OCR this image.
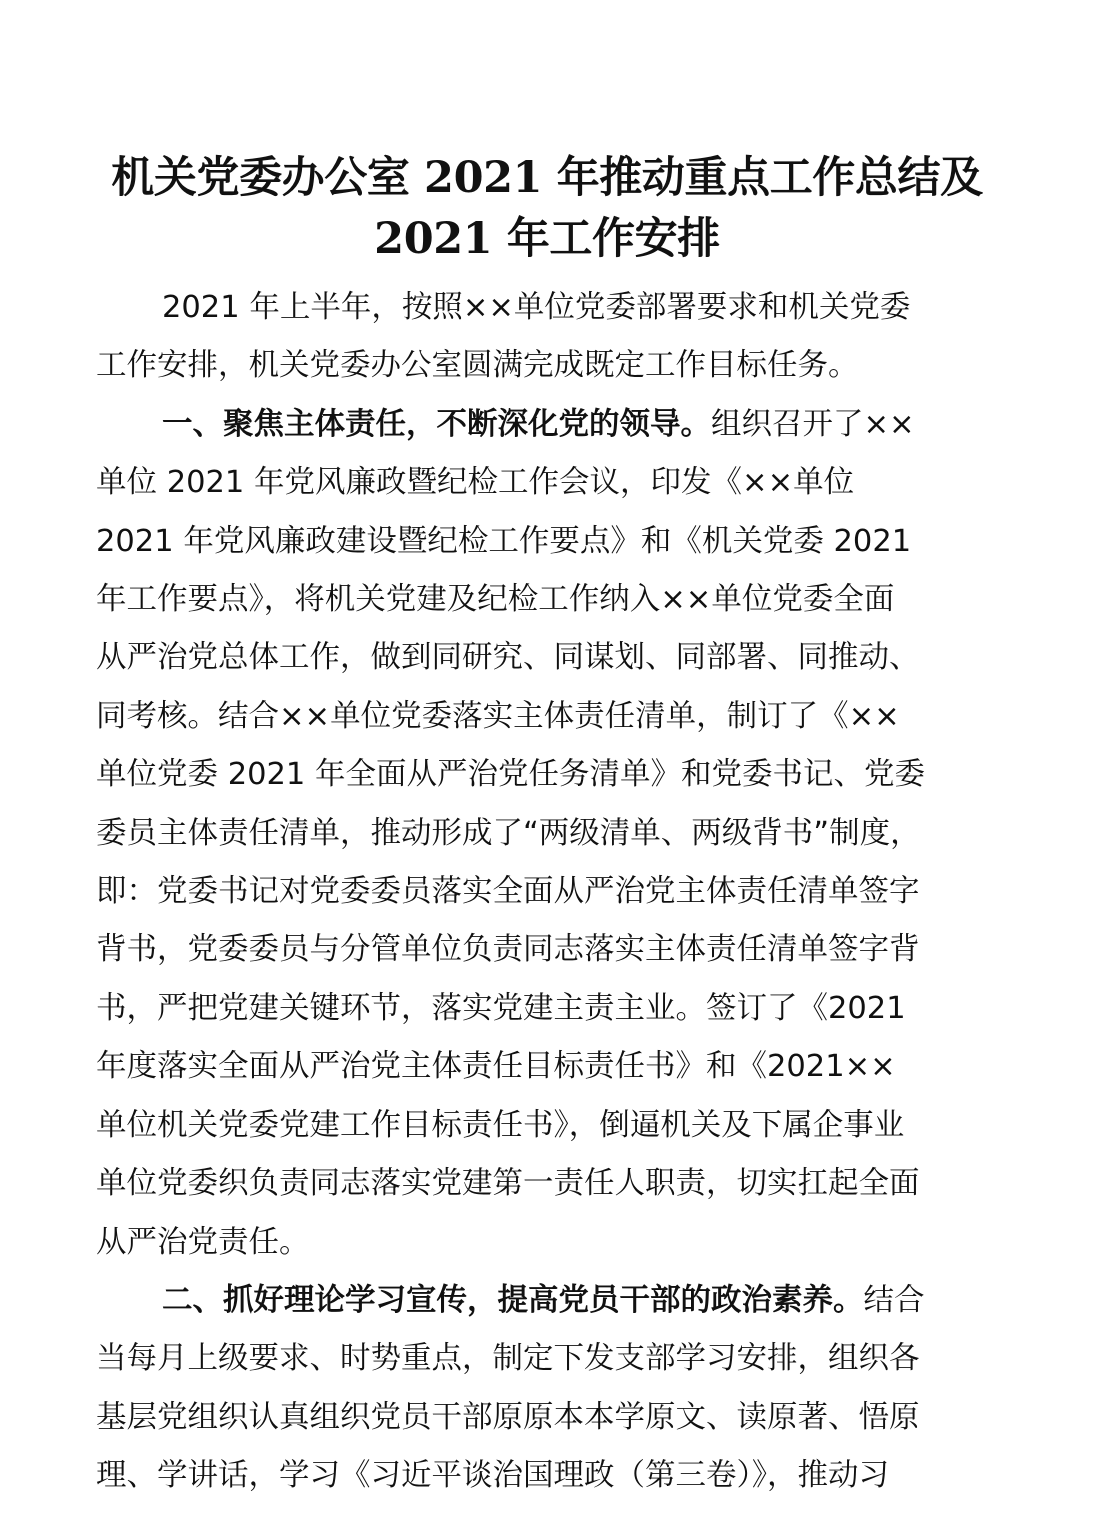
机关党委办公室 2021 年推动重点工作总结及
2021 年工作安排

2021 年上半年，按照××单位党委部署要求和机关党委
工作安排，机关党委办公室圆满完成既定工作目标任务。

一、聚焦主体责任，不断深化党的领导。组织召开了××
单位 2021 年党风廉政暨纪检工作会议，印发《××单位
2021 年党风廉政建设暨纪检工作要点》和《机关党委 2021
年工作要点》，将机关党建及纪检工作纳入××单位党委全面
从严治党总体工作，做到同研究、同谋划、同部署、同推动、
同考核。结合××单位党委落实主体责任清单，制订了《××
单位党委 2021 年全面从严治党任务清单》和党委书记、党委
委员主体责任清单，推动形成了“两级清单、两级背书”制度，
即：党委书记对党委委员落实全面从严治党主体责任清单签字
背书，党委委员与分管单位负责同志落实主体责任清单签字背
书，严把党建关键环节，落实党建主责主业。签订了《2021
年度落实全面从严治党主体责任目标责任书》和《2021××
单位机关党委党建工作目标责任书》，倒逼机关及下属企事业
单位党委织负责同志落实党建第一责任人职责，切实扛起全面
从严治党责任。

二、抓好理论学习宣传，提高党员干部的政治素养。结合
当每月上级要求、时势重点，制定下发支部学习安排，组织各
基层党组织认真组织党员干部原原本本学原文、读原著、悟原
理、学讲话，学习《习近平谈治国理政（第三卷）》，推动习
